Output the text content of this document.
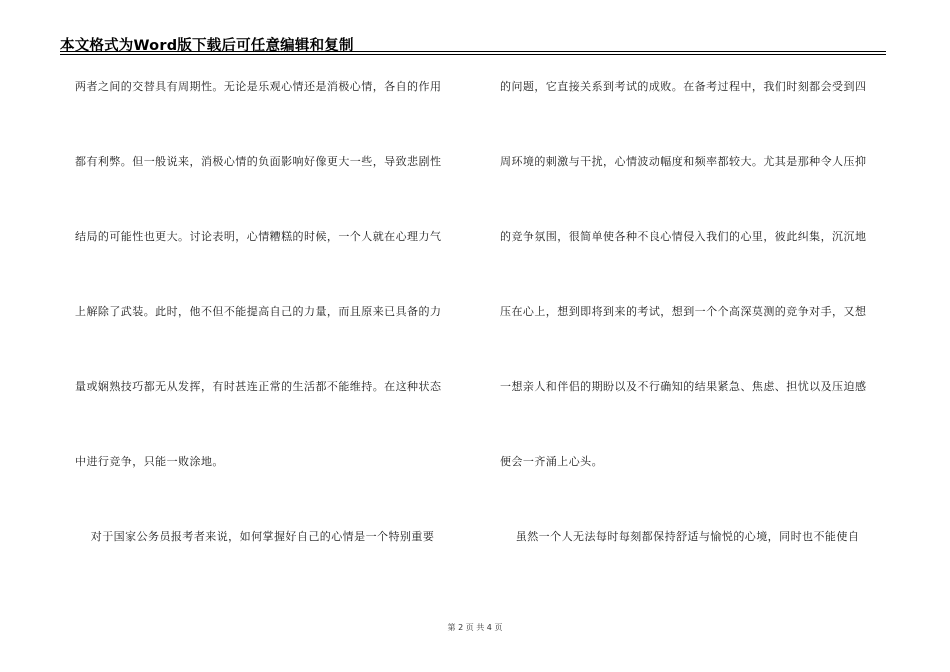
本文格式为Word版下载后可任意编辑和复制
两者之间的交替具有周期性。无论是乐观心情还是消极心情，各自的作用
都有利弊。但一般说来，消极心情的负面影响好像更大一些，导致悲剧性
结局的可能性也更大。讨论表明，心情糟糕的时候，一个人就在心理力气
上解除了武装。此时，他不但不能提高自己的力量，而且原来已具备的力
量或娴熟技巧都无从发挥，有时甚连正常的生活都不能维持。在这种状态
中进行竞争，只能一败涂地。
对于国家公务员报考者来说，如何掌握好自己的心情是一个特别重要
的问题，它直接关系到考试的成败。在备考过程中，我们时刻都会受到四
周环境的刺激与干扰，心情波动幅度和频率都较大。尤其是那种令人压抑
的竞争氛围，很简单使各种不良心情侵入我们的心里，彼此纠集，沉沉地
压在心上，想到即将到来的考试，想到一个个高深莫测的竞争对手，又想
一想亲人和伴侣的期盼以及不行确知的结果紧急、焦虑、担忧以及压迫感
便会一齐涌上心头。
虽然一个人无法每时每刻都保持舒适与愉悦的心境，同时也不能使自
第 2 页 共 4 页
